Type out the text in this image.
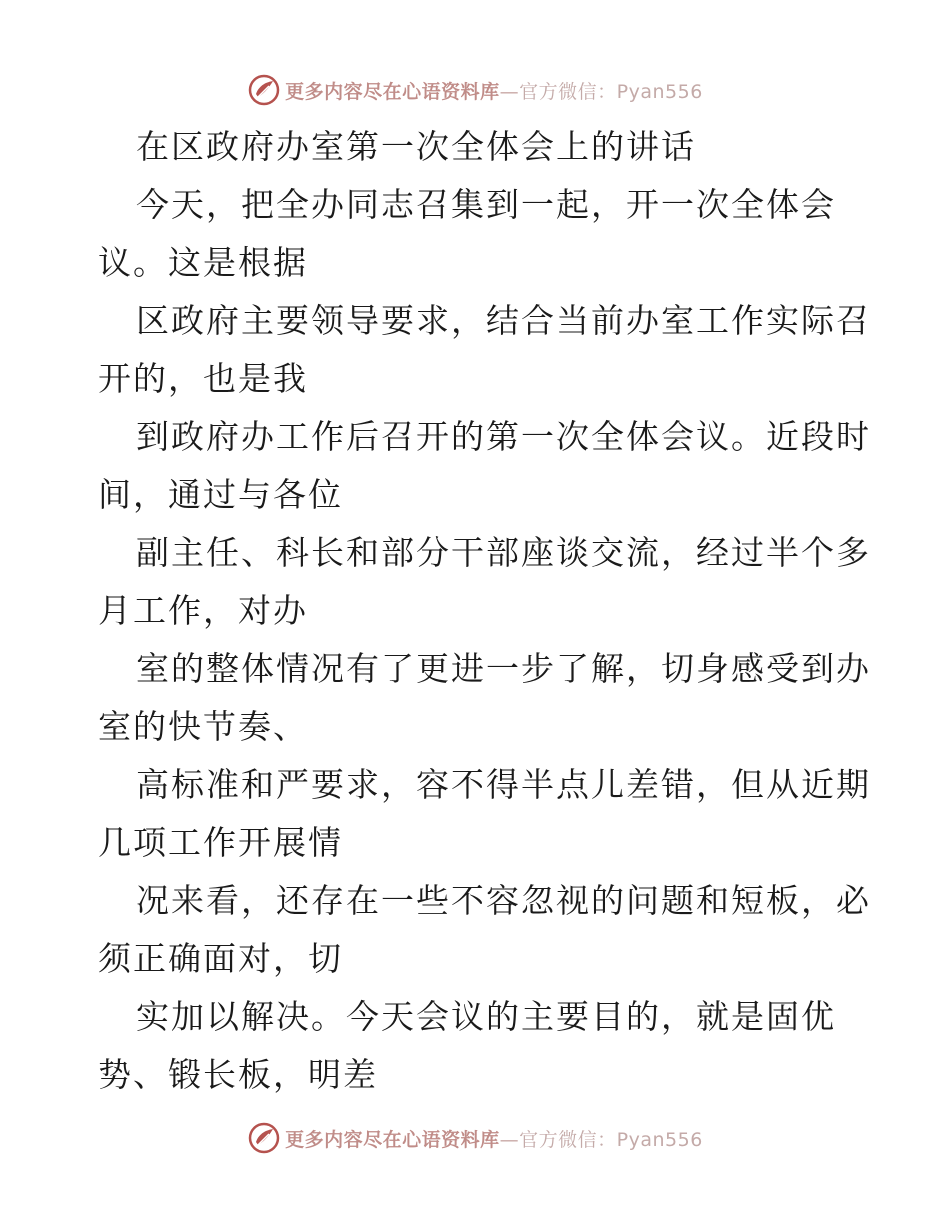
更多内容尽在心语资料库—官方微信：Pyan556
在区政府办室第一次全体会上的讲话
今天，把全办同志召集到一起，开一次全体会
议。这是根据
区政府主要领导要求，结合当前办室工作实际召
开的，也是我
到政府办工作后召开的第一次全体会议。近段时
间，通过与各位
副主任、科长和部分干部座谈交流，经过半个多
月工作，对办
室的整体情况有了更进一步了解，切身感受到办
室的快节奏、
高标准和严要求，容不得半点儿差错，但从近期
几项工作开展情
况来看，还存在一些不容忽视的问题和短板，必
须正确面对，切
实加以解决。今天会议的主要目的，就是固优
势、锻长板，明差
更多内容尽在心语资料库—官方微信：Pyan556
